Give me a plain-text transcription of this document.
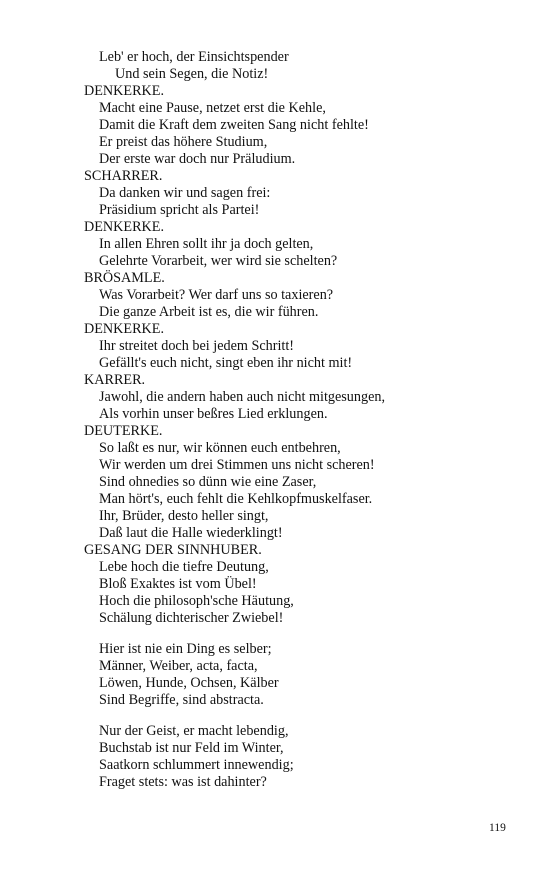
Leb' er hoch, der Einsichtspender
Und sein Segen, die Notiz!
DENKERKE.
Macht eine Pause, netzet erst die Kehle,
Damit die Kraft dem zweiten Sang nicht fehlte!
Er preist das höhere Studium,
Der erste war doch nur Präludium.
SCHARRER.
Da danken wir und sagen frei:
Präsidium spricht als Partei!
DENKERKE.
In allen Ehren sollt ihr ja doch gelten,
Gelehrte Vorarbeit, wer wird sie schelten?
BRÖSAMLE.
Was Vorarbeit? Wer darf uns so taxieren?
Die ganze Arbeit ist es, die wir führen.
DENKERKE.
Ihr streitet doch bei jedem Schritt!
Gefällt's euch nicht, singt eben ihr nicht mit!
KARRER.
Jawohl, die andern haben auch nicht mitgesungen,
Als vorhin unser beßres Lied erklungen.
DEUTERKE.
So laßt es nur, wir können euch entbehren,
Wir werden um drei Stimmen uns nicht scheren!
Sind ohnedies so dünn wie eine Zaser,
Man hört's, euch fehlt die Kehlkopfmuskelfaser.
Ihr, Brüder, desto heller singt,
Daß laut die Halle wiederklingt!
GESANG DER SINNHUBER.
Lebe hoch die tiefre Deutung,
Bloß Exaktes ist vom Übel!
Hoch die philosoph'sche Häutung,
Schälung dichterischer Zwiebel!
Hier ist nie ein Ding es selber;
Männer, Weiber, acta, facta,
Löwen, Hunde, Ochsen, Kälber
Sind Begriffe, sind abstracta.
Nur der Geist, er macht lebendig,
Buchstab ist nur Feld im Winter,
Saatkorn schlummert innewendig;
Fraget stets: was ist dahinter?
119
